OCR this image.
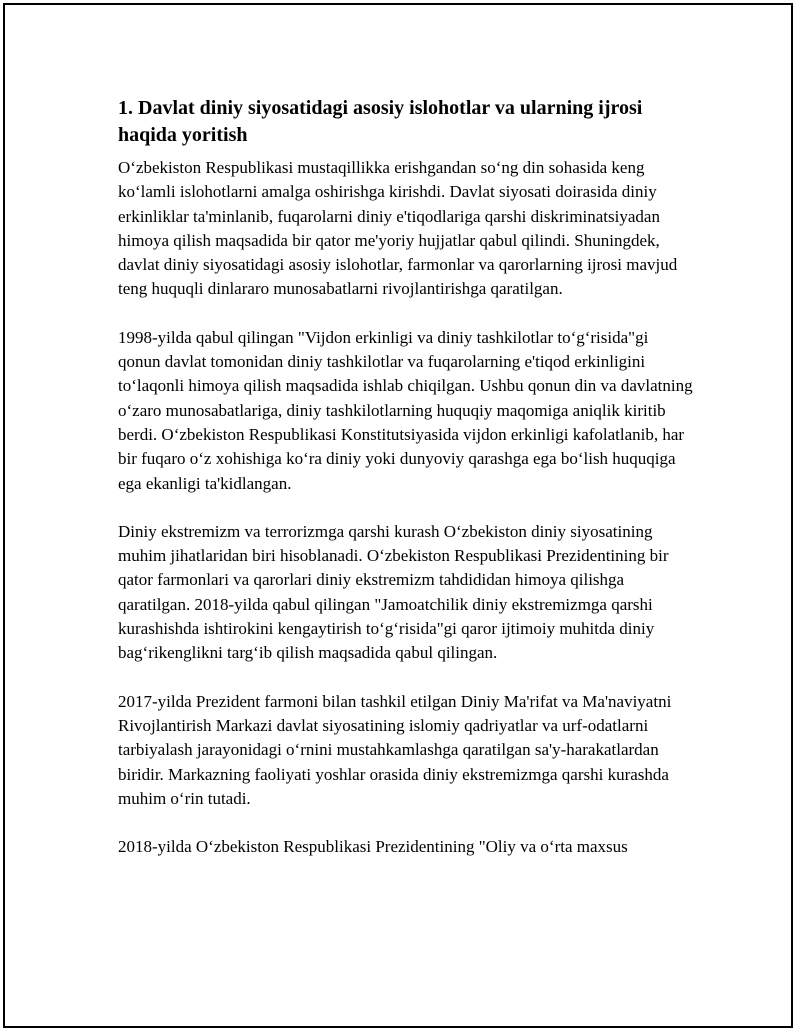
1. Davlat diniy siyosatidagi asosiy islohotlar va ularning ijrosi haqida yoritish

O‘zbekiston Respublikasi mustaqillikka erishgandan so‘ng din sohasida keng ko‘lamli islohotlarni amalga oshirishga kirishdi. Davlat siyosati doirasida diniy erkinliklar ta'minlanib, fuqarolarni diniy e'tiqodlariga qarshi diskriminatsiyadan himoya qilish maqsadida bir qator me'yoriy hujjatlar qabul qilindi. Shuningdek, davlat diniy siyosatidagi asosiy islohotlar, farmonlar va qarorlarning ijrosi mavjud teng huquqli dinlararo munosabatlarni rivojlantirishga qaratilgan.

1998-yilda qabul qilingan "Vijdon erkinligi va diniy tashkilotlar to‘g‘risida"gi qonun davlat tomonidan diniy tashkilotlar va fuqarolarning e'tiqod erkinligini to‘laqonli himoya qilish maqsadida ishlab chiqilgan. Ushbu qonun din va davlatning o‘zaro munosabatlariga, diniy tashkilotlarning huquqiy maqomiga aniqlik kiritib berdi. O‘zbekiston Respublikasi Konstitutsiyasida vijdon erkinligi kafolatlanib, har bir fuqaro o‘z xohishiga ko‘ra diniy yoki dunyoviy qarashga ega bo‘lish huquqiga ega ekanligi ta'kidlangan.

Diniy ekstremizm va terrorizmga qarshi kurash O‘zbekiston diniy siyosatining muhim jihatlaridan biri hisoblanadi. O‘zbekiston Respublikasi Prezidentining bir qator farmonlari va qarorlari diniy ekstremizm tahdididan himoya qilishga qaratilgan. 2018-yilda qabul qilingan "Jamoatchilik diniy ekstremizmga qarshi kurashishda ishtirokini kengaytirish to‘g‘risida"gi qaror ijtimoiy muhitda diniy bag‘rikenglikni targ‘ib qilish maqsadida qabul qilingan.

2017-yilda Prezident farmoni bilan tashkil etilgan Diniy Ma'rifat va Ma'naviyatni Rivojlantirish Markazi davlat siyosatining islomiy qadriyatlar va urf-odatlarni tarbiyalash jarayonidagi o‘rnini mustahkamlashga qaratilgan sa'y-harakatlardan biridir. Markazning faoliyati yoshlar orasida diniy ekstremizmga qarshi kurashda muhim o‘rin tutadi.

2018-yilda O‘zbekiston Respublikasi Prezidentining "Oliy va o‘rta maxsus
